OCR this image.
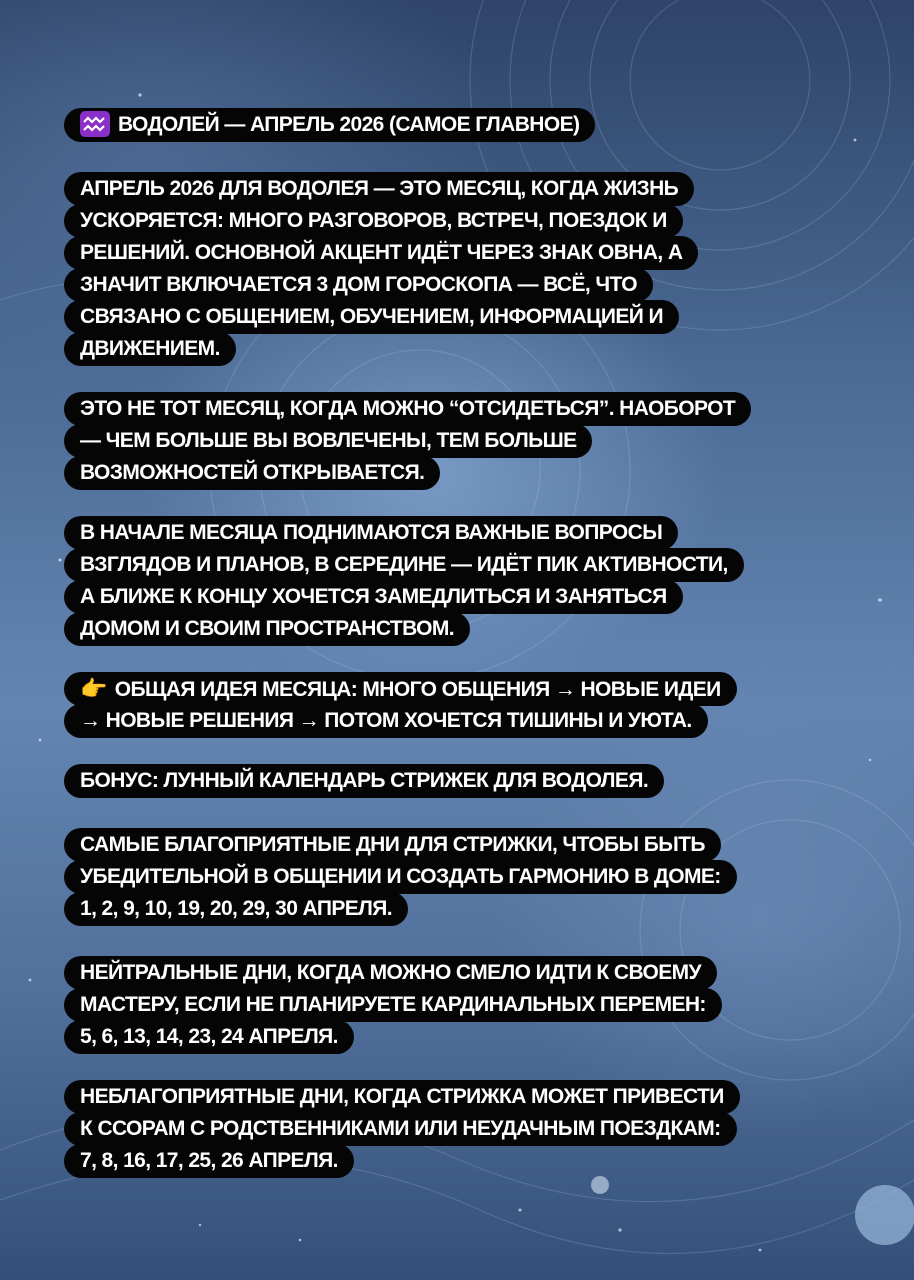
ВОДОЛЕЙ — АПРЕЛЬ 2026 (САМОЕ ГЛАВНОЕ)
АПРЕЛЬ 2026 ДЛЯ ВОДОЛЕЯ — ЭТО МЕСЯЦ, КОГДА ЖИЗНЬ
УСКОРЯЕТСЯ: МНОГО РАЗГОВОРОВ, ВСТРЕЧ, ПОЕЗДОК И
РЕШЕНИЙ. ОСНОВНОЙ АКЦЕНТ ИДЁТ ЧЕРЕЗ ЗНАК ОВНА, А
ЗНАЧИТ ВКЛЮЧАЕТСЯ 3 ДОМ ГОРОСКОПА — ВСЁ, ЧТО
СВЯЗАНО С ОБЩЕНИЕМ, ОБУЧЕНИЕМ, ИНФОРМАЦИЕЙ И
ДВИЖЕНИЕМ.
ЭТО НЕ ТОТ МЕСЯЦ, КОГДА МОЖНО “ОТСИДЕТЬСЯ”. НАОБОРОТ
— ЧЕМ БОЛЬШЕ ВЫ ВОВЛЕЧЕНЫ, ТЕМ БОЛЬШЕ
ВОЗМОЖНОСТЕЙ ОТКРЫВАЕТСЯ.
В НАЧАЛЕ МЕСЯЦА ПОДНИМАЮТСЯ ВАЖНЫЕ ВОПРОСЫ
ВЗГЛЯДОВ И ПЛАНОВ, В СЕРЕДИНЕ — ИДЁТ ПИК АКТИВНОСТИ,
А БЛИЖЕ К КОНЦУ ХОЧЕТСЯ ЗАМЕДЛИТЬСЯ И ЗАНЯТЬСЯ
ДОМОМ И СВОИМ ПРОСТРАНСТВОМ.
👉 ОБЩАЯ ИДЕЯ МЕСЯЦА: МНОГО ОБЩЕНИЯ → НОВЫЕ ИДЕИ
→ НОВЫЕ РЕШЕНИЯ → ПОТОМ ХОЧЕТСЯ ТИШИНЫ И УЮТА.
БОНУС: ЛУННЫЙ КАЛЕНДАРЬ СТРИЖЕК ДЛЯ ВОДОЛЕЯ.
САМЫЕ БЛАГОПРИЯТНЫЕ ДНИ ДЛЯ СТРИЖКИ, ЧТОБЫ БЫТЬ
УБЕДИТЕЛЬНОЙ В ОБЩЕНИИ И СОЗДАТЬ ГАРМОНИЮ В ДОМЕ:
1, 2, 9, 10, 19, 20, 29, 30 АПРЕЛЯ.
НЕЙТРАЛЬНЫЕ ДНИ, КОГДА МОЖНО СМЕЛО ИДТИ К СВОЕМУ
МАСТЕРУ, ЕСЛИ НЕ ПЛАНИРУЕТЕ КАРДИНАЛЬНЫХ ПЕРЕМЕН:
5, 6, 13, 14, 23, 24 АПРЕЛЯ.
НЕБЛАГОПРИЯТНЫЕ ДНИ, КОГДА СТРИЖКА МОЖЕТ ПРИВЕСТИ
К ССОРАМ С РОДСТВЕННИКАМИ ИЛИ НЕУДАЧНЫМ ПОЕЗДКАМ:
7, 8, 16, 17, 25, 26 АПРЕЛЯ.
